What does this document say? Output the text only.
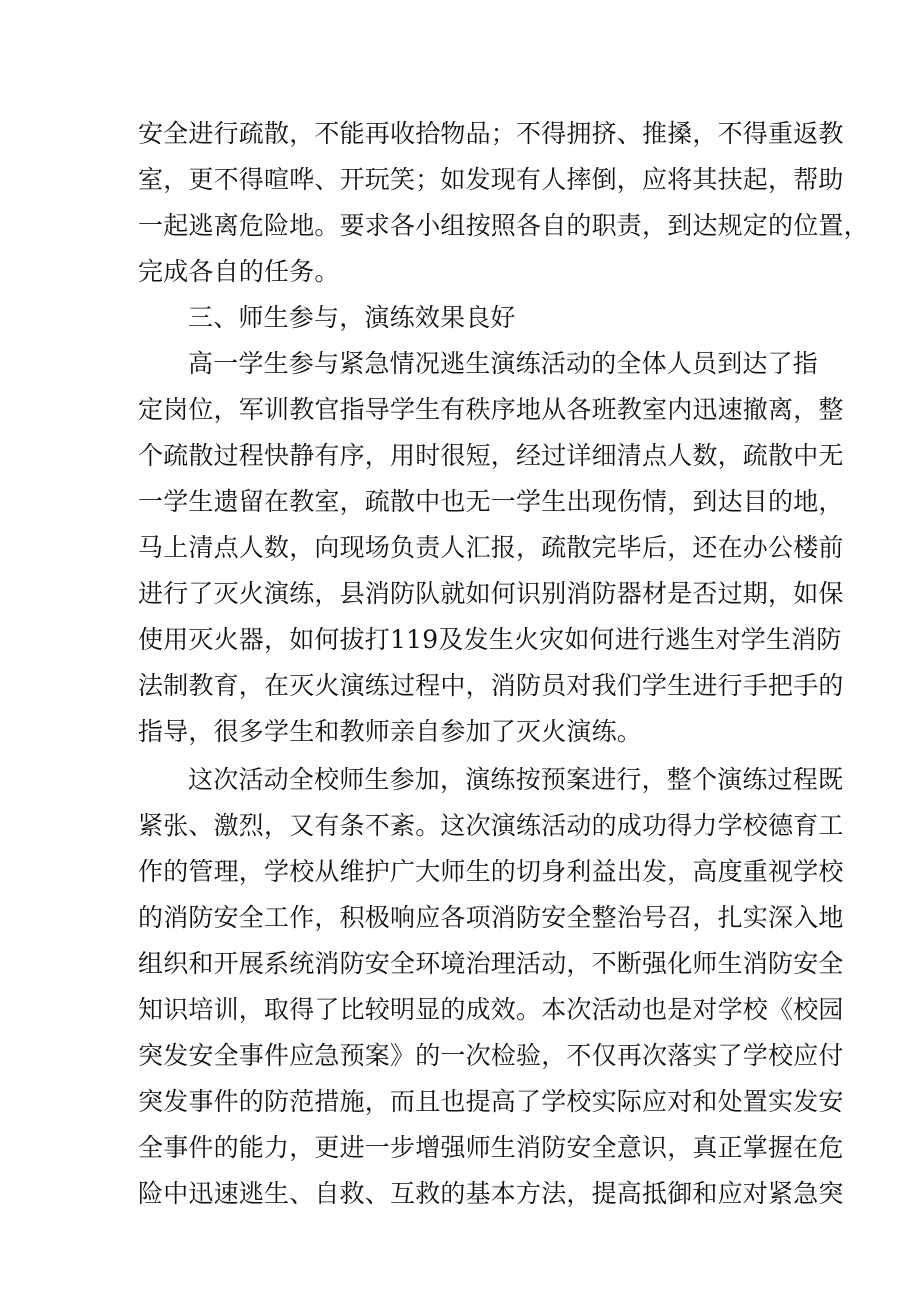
安全进行疏散，不能再收拾物品；不得拥挤、推搡，不得重返教
室，更不得喧哗、开玩笑；如发现有人摔倒，应将其扶起，帮助
一起逃离危险地。要求各小组按照各自的职责，到达规定的位置，
完成各自的任务。
三、师生参与，演练效果良好
高一学生参与紧急情况逃生演练活动的全体人员到达了指
定岗位，军训教官指导学生有秩序地从各班教室内迅速撤离，整
个疏散过程快静有序，用时很短，经过详细清点人数，疏散中无
一学生遗留在教室，疏散中也无一学生出现伤情，到达目的地，
马上清点人数，向现场负责人汇报，疏散完毕后，还在办公楼前
进行了灭火演练，县消防队就如何识别消防器材是否过期，如保
使用灭火器，如何拔打119及发生火灾如何进行逃生对学生消防
法制教育，在灭火演练过程中，消防员对我们学生进行手把手的
指导，很多学生和教师亲自参加了灭火演练。
这次活动全校师生参加，演练按预案进行，整个演练过程既
紧张、激烈，又有条不紊。这次演练活动的成功得力学校德育工
作的管理，学校从维护广大师生的切身利益出发，高度重视学校
的消防安全工作，积极响应各项消防安全整治号召，扎实深入地
组织和开展系统消防安全环境治理活动，不断强化师生消防安全
知识培训，取得了比较明显的成效。本次活动也是对学校《校园
突发安全事件应急预案》的一次检验，不仅再次落实了学校应付
突发事件的防范措施，而且也提高了学校实际应对和处置实发安
全事件的能力，更进一步增强师生消防安全意识，真正掌握在危
险中迅速逃生、自救、互救的基本方法，提高抵御和应对紧急突
